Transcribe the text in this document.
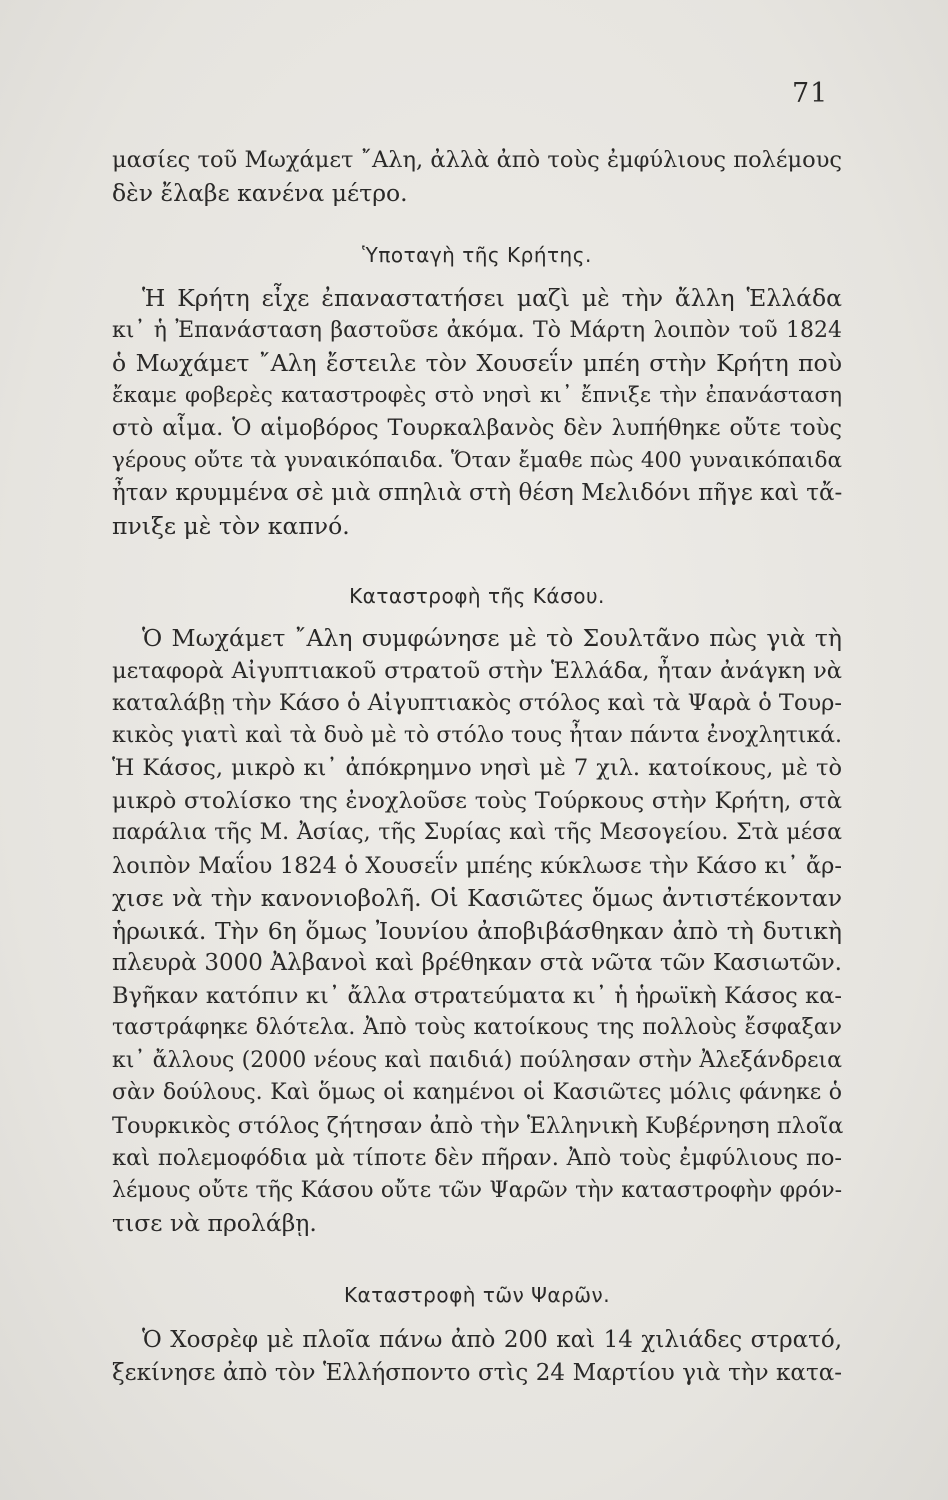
71
μασίες τοῦ Μωχάμετ ῎Αλη, ἀλλὰ ἀπὸ τοὺς ἐμφύλιους πολέμους
δὲν ἔλαβε κανένα μέτρο.
Ὑποταγὴ τῆς Κρήτης.
Ἡ Κρήτη εἶχε ἐπαναστατήσει μαζὶ μὲ τὴν ἄλλη Ἑλλάδα
κι᾽ ἡ Ἐπανάσταση βαστοῦσε ἀκόμα. Τὸ Μάρτη λοιπὸν τοῦ 1824
ὁ Μωχάμετ ῎Αλη ἔστειλε τὸν Χουσεΐν μπέη στὴν Κρήτη ποὺ
ἔκαμε φοβερὲς καταστροφὲς στὸ νησὶ κι᾽ ἔπνιξε τὴν ἐπανάσταση
στὸ αἷμα. Ὁ αἱμοβόρος Τουρκαλβανὸς δὲν λυπήθηκε οὔτε τοὺς
γέρους οὔτε τὰ γυναικόπαιδα. Ὅταν ἔμαθε πὼς 400 γυναικόπαιδα
ἦταν κρυμμένα σὲ μιὰ σπηλιὰ στὴ θέση Μελιδόνι πῆγε καὶ τἄ-
πνιξε μὲ τὸν καπνό.
Καταστροφὴ τῆς Κάσου.
Ὁ Μωχάμετ ῎Αλη συμφώνησε μὲ τὸ Σουλτᾶνο πὼς γιὰ τὴ
μεταφορὰ Αἰγυπτιακοῦ στρατοῦ στὴν Ἑλλάδα, ἦταν ἀνάγκη νὰ
καταλάβῃ τὴν Κάσο ὁ Αἰγυπτιακὸς στόλος καὶ τὰ Ψαρὰ ὁ Τουρ-
κικὸς γιατὶ καὶ τὰ δυὸ μὲ τὸ στόλο τους ἦταν πάντα ἐνοχλητικά.
Ἡ Κάσος, μικρὸ κι᾽ ἀπόκρημνο νησὶ μὲ 7 χιλ. κατοίκους, μὲ τὸ
μικρὸ στολίσκο της ἐνοχλοῦσε τοὺς Τούρκους στὴν Κρήτη, στὰ
παράλια τῆς Μ. Ἀσίας, τῆς Συρίας καὶ τῆς Μεσογείου. Στὰ μέσα
λοιπὸν Μαΐου 1824 ὁ Χουσεΐν μπέης κύκλωσε τὴν Κάσο κι᾽ ἄρ-
χισε νὰ τὴν κανονιοβολῆ. Οἱ Κασιῶτες ὅμως ἀντιστέκονταν
ἡρωικά. Τὴν 6η ὅμως Ἰουνίου ἀποβιβάσθηκαν ἀπὸ τὴ δυτικὴ
πλευρὰ 3000 Ἀλβανοὶ καὶ βρέθηκαν στὰ νῶτα τῶν Κασιωτῶν.
Βγῆκαν κατόπιν κι᾽ ἄλλα στρατεύματα κι᾽ ἡ ἡρωϊκὴ Κάσος κα-
ταστράφηκε δλότελα. Ἀπὸ τοὺς κατοίκους της πολλοὺς ἔσφαξαν
κι᾽ ἄλλους (2000 νέους καὶ παιδιά) πούλησαν στὴν Ἀλεξάνδρεια
σὰν δούλους. Καὶ ὅμως οἱ καημένοι οἱ Κασιῶτες μόλις φάνηκε ὁ
Τουρκικὸς στόλος ζήτησαν ἀπὸ τὴν Ἑλληνικὴ Κυβέρνηση πλοῖα
καὶ πολεμοφόδια μὰ τίποτε δὲν πῆραν. Ἀπὸ τοὺς ἐμφύλιους πο-
λέμους οὔτε τῆς Κάσου οὔτε τῶν Ψαρῶν τὴν καταστροφὴν φρόν-
τισε νὰ προλάβῃ.
Καταστροφὴ τῶν Ψαρῶν.
Ὁ Χοσρὲφ μὲ πλοῖα πάνω ἀπὸ 200 καὶ 14 χιλιάδες στρατό,
ξεκίνησε ἀπὸ τὸν Ἑλλήσποντο στὶς 24 Μαρτίου γιὰ τὴν κατα-
